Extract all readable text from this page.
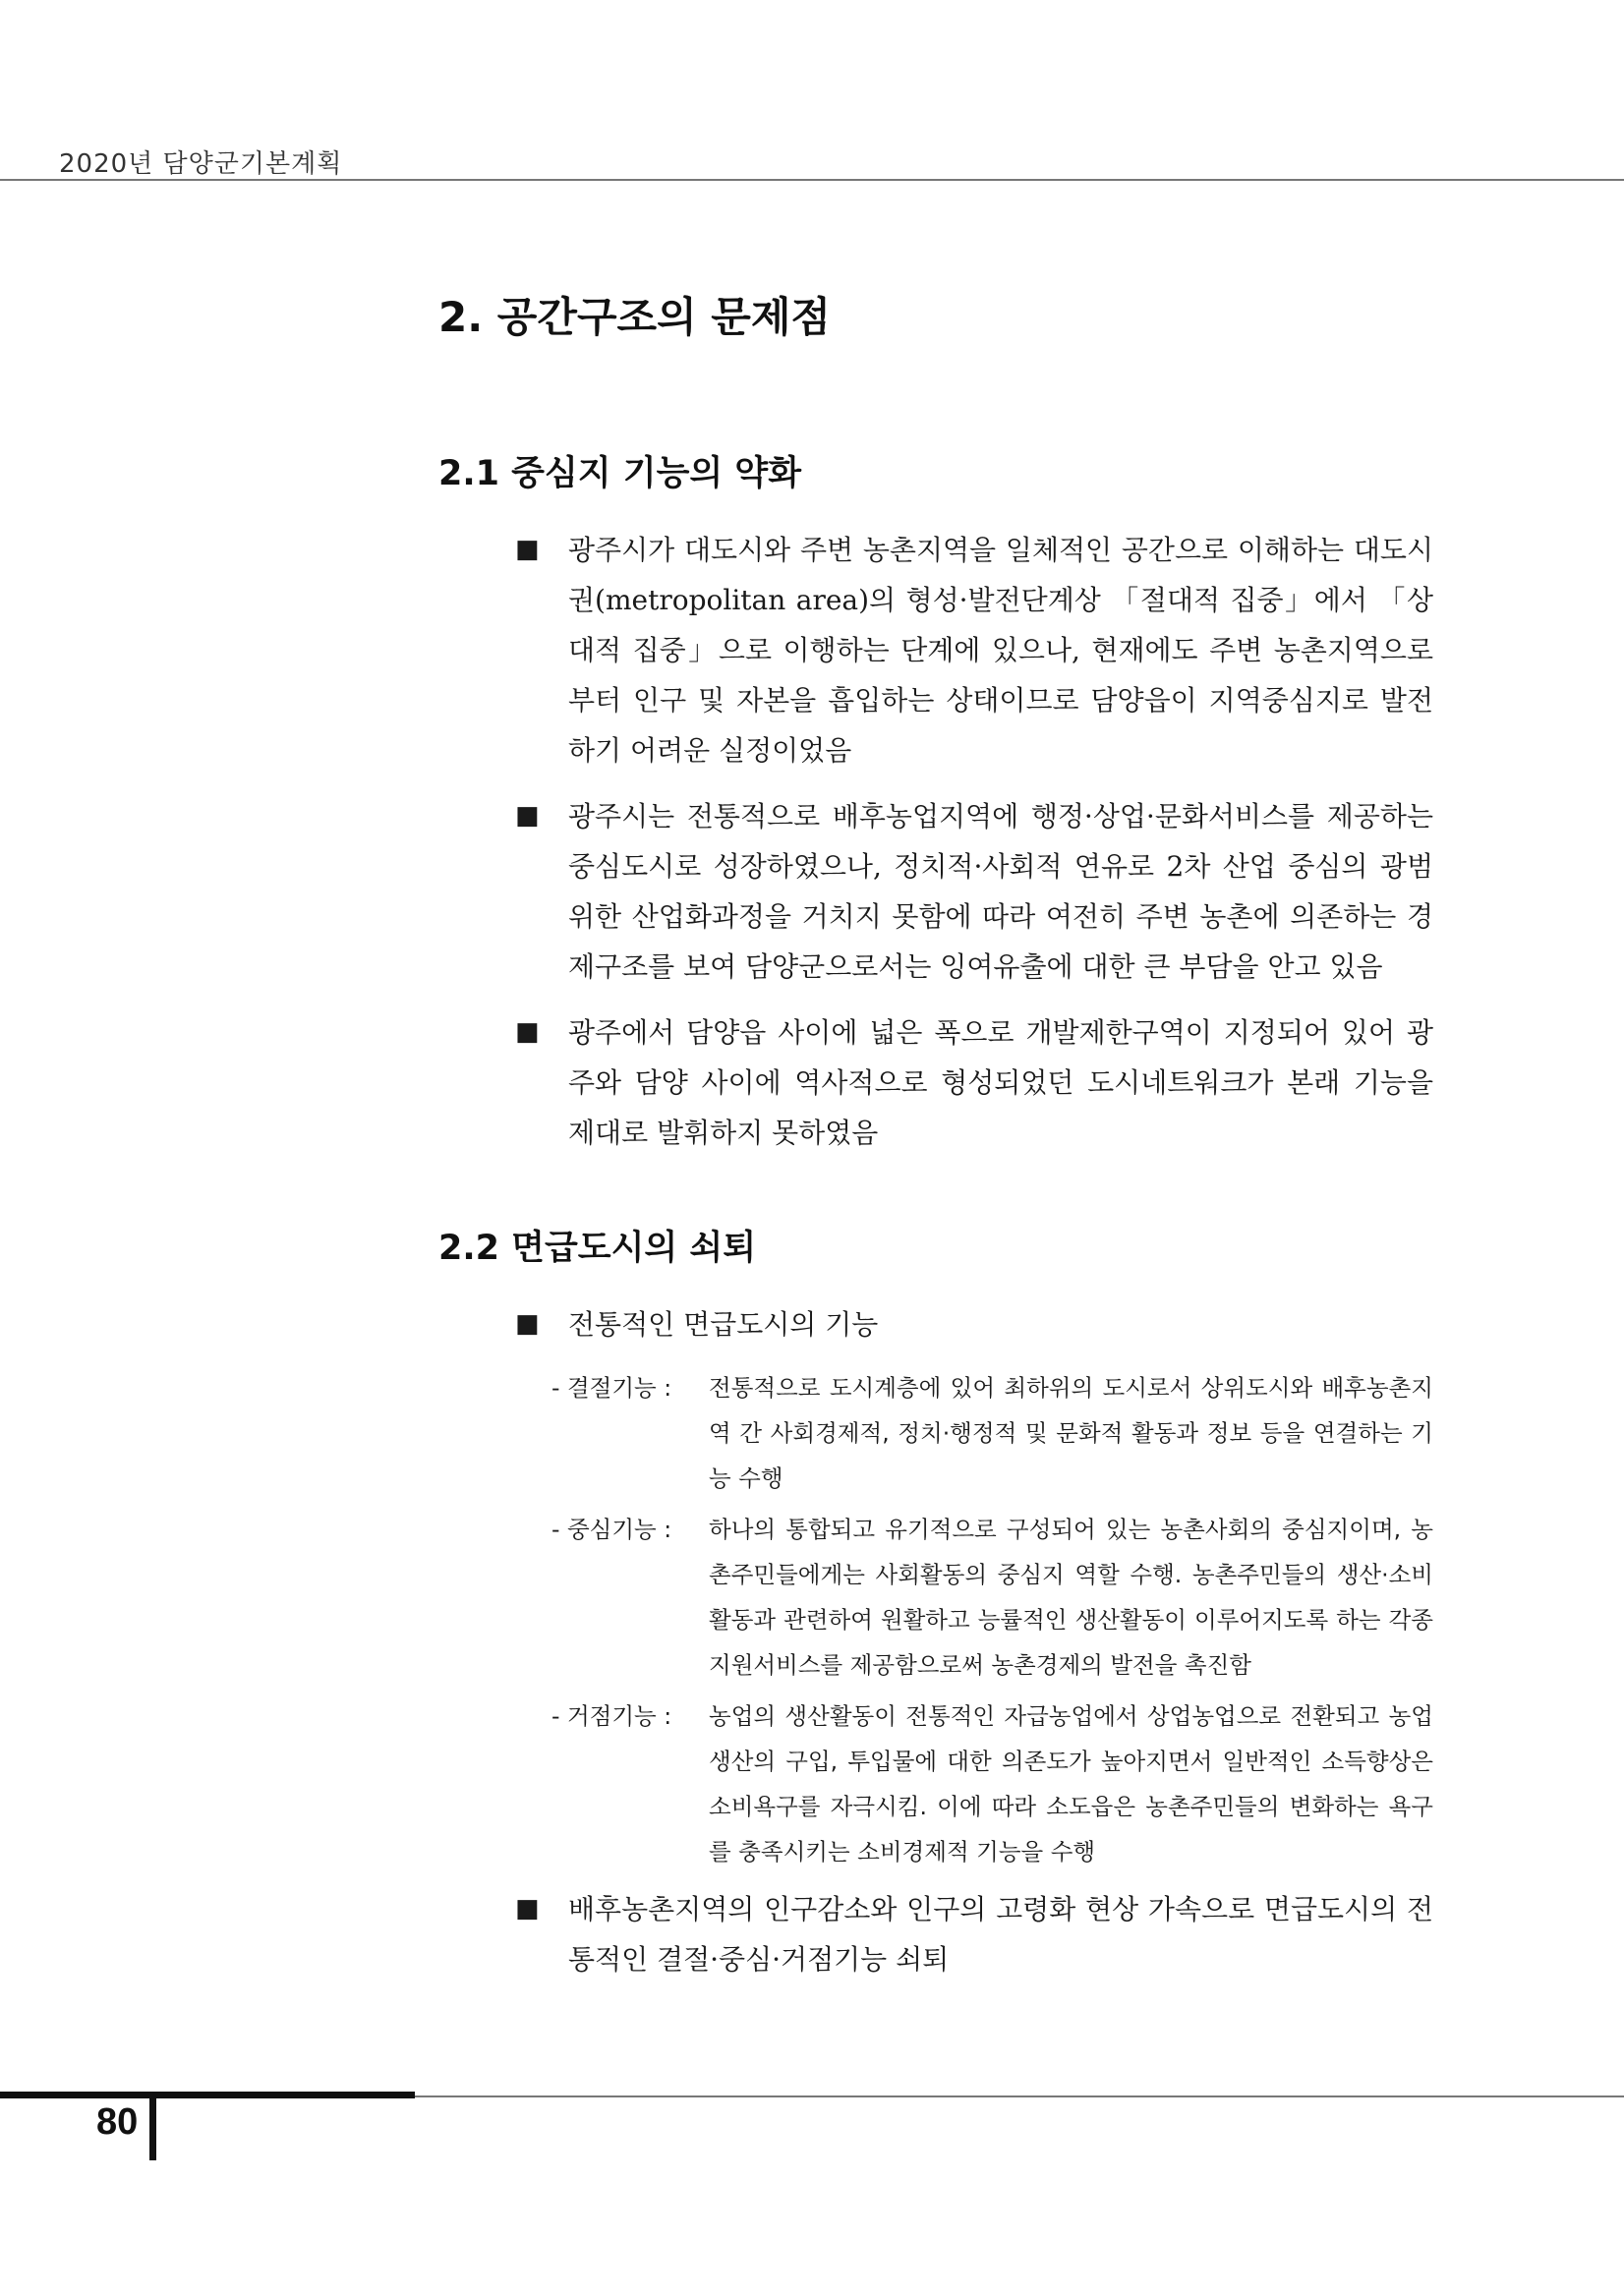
2020년 담양군기본계획
2. 공간구조의 문제점
2.1 중심지 기능의 약화
■ 광주시가 대도시와 주변 농촌지역을 일체적인 공간으로 이해하는 대도시권(metropolitan area)의 형성·발전단계상 「절대적 집중」에서 「상대적 집중」으로 이행하는 단계에 있으나, 현재에도 주변 농촌지역으로부터 인구 및 자본을 흡입하는 상태이므로 담양읍이 지역중심지로 발전하기 어려운 실정이었음
■ 광주시는 전통적으로 배후농업지역에 행정·상업·문화서비스를 제공하는 중심도시로 성장하였으나, 정치적·사회적 연유로 2차 산업 중심의 광범위한 산업화과정을 거치지 못함에 따라 여전히 주변 농촌에 의존하는 경제구조를 보여 담양군으로서는 잉여유출에 대한 큰 부담을 안고 있음
■ 광주에서 담양읍 사이에 넓은 폭으로 개발제한구역이 지정되어 있어 광주와 담양 사이에 역사적으로 형성되었던 도시네트워크가 본래 기능을 제대로 발휘하지 못하였음
2.2 면급도시의 쇠퇴
■ 전통적인 면급도시의 기능
- 결절기능 : 전통적으로 도시계층에 있어 최하위의 도시로서 상위도시와 배후농촌지역 간 사회경제적, 정치·행정적 및 문화적 활동과 정보 등을 연결하는 기능 수행
- 중심기능 : 하나의 통합되고 유기적으로 구성되어 있는 농촌사회의 중심지이며, 농촌주민들에게는 사회활동의 중심지 역할 수행. 농촌주민들의 생산·소비활동과 관련하여 원활하고 능률적인 생산활동이 이루어지도록 하는 각종 지원서비스를 제공함으로써 농촌경제의 발전을 촉진함
- 거점기능 : 농업의 생산활동이 전통적인 자급농업에서 상업농업으로 전환되고 농업생산의 구입, 투입물에 대한 의존도가 높아지면서 일반적인 소득향상은 소비욕구를 자극시킴. 이에 따라 소도읍은 농촌주민들의 변화하는 욕구를 충족시키는 소비경제적 기능을 수행
■ 배후농촌지역의 인구감소와 인구의 고령화 현상 가속으로 면급도시의 전통적인 결절·중심·거점기능 쇠퇴
80
